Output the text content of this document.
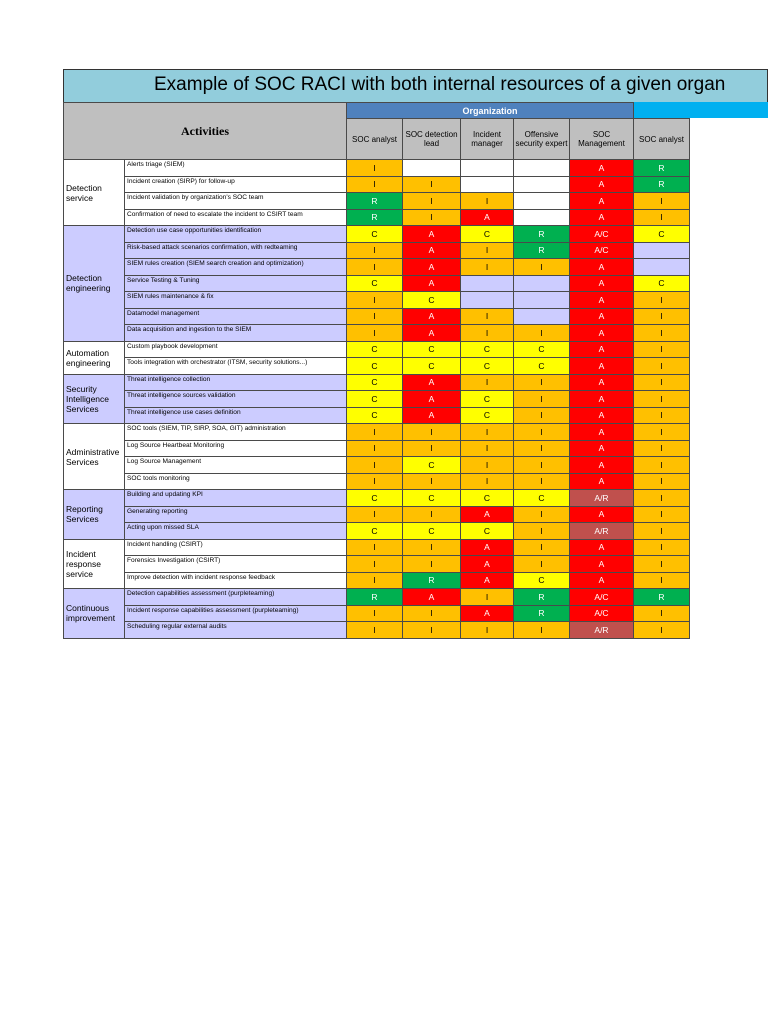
Example of SOC RACI with both internal resources of a given organ
Activities		Organization					
		SOC analyst	SOC detection lead	Incident manager	Offensive security expert	SOC Management	SOC analyst
Detection service	Alerts triage (SIEM)	I				A	R
	Incident creation (SIRP) for follow-up	I	I			A	R
	Incident validation by organization's SOC team	R	I	I		A	I
	Confirmation of need to escalate the incident to CSIRT team	R	I	A		A	I
Detection engineering	Detection use case opportunities identification	C	A	C	R	A/C	C
	Risk-based attack scenarios confirmation, with redteaming	I	A	I	R	A/C	
	SIEM rules creation (SIEM search creation and optimization)	I	A	I	I	A	
	Service Testing & Tuning	C	A			A	C
	SIEM rules maintenance & fix	I	C			A	I
	Datamodel management	I	A	I		A	I
	Data acquisition and ingestion to the SIEM	I	A	I	I	A	I
Automation engineering	Custom playbook development	C	C	C	C	A	I
	Tools integration with orchestrator (ITSM, security solutions...)	C	C	C	C	A	I
Security Intelligence Services	Threat intelligence collection	C	A	I	I	A	I
	Threat intelligence sources validation	C	A	C	I	A	I
	Threat intelligence use cases definition	C	A	C	I	A	I
Administrative Services	SOC tools (SIEM, TIP, SIRP, SOA, GIT) administration	I	I	I	I	A	I
	Log Source Heartbeat Monitoring	I	I	I	I	A	I
	Log Source Management	I	C	I	I	A	I
	SOC tools monitoring	I	I	I	I	A	I
Reporting Services	Building and updating KPI	C	C	C	C	A/R	I
	Generating reporting	I	I	A	I	A	I
	Acting upon missed SLA	C	C	C	I	A/R	I
Incident response service	Incident handling (CSIRT)	I	I	A	I	A	I
	Forensics Investigation (CSIRT)	I	I	A	I	A	I
	Improve detection with incident response feedback	I	R	A	C	A	I
Continuous improvement	Detection capabilities assessment (purpleteaming)	R	A	I	R	A/C	R
	Incident response capabilities assessment (purpleteaming)	I	I	A	R	A/C	I
	Scheduling regular external audits	I	I	I	I	A/R	I
